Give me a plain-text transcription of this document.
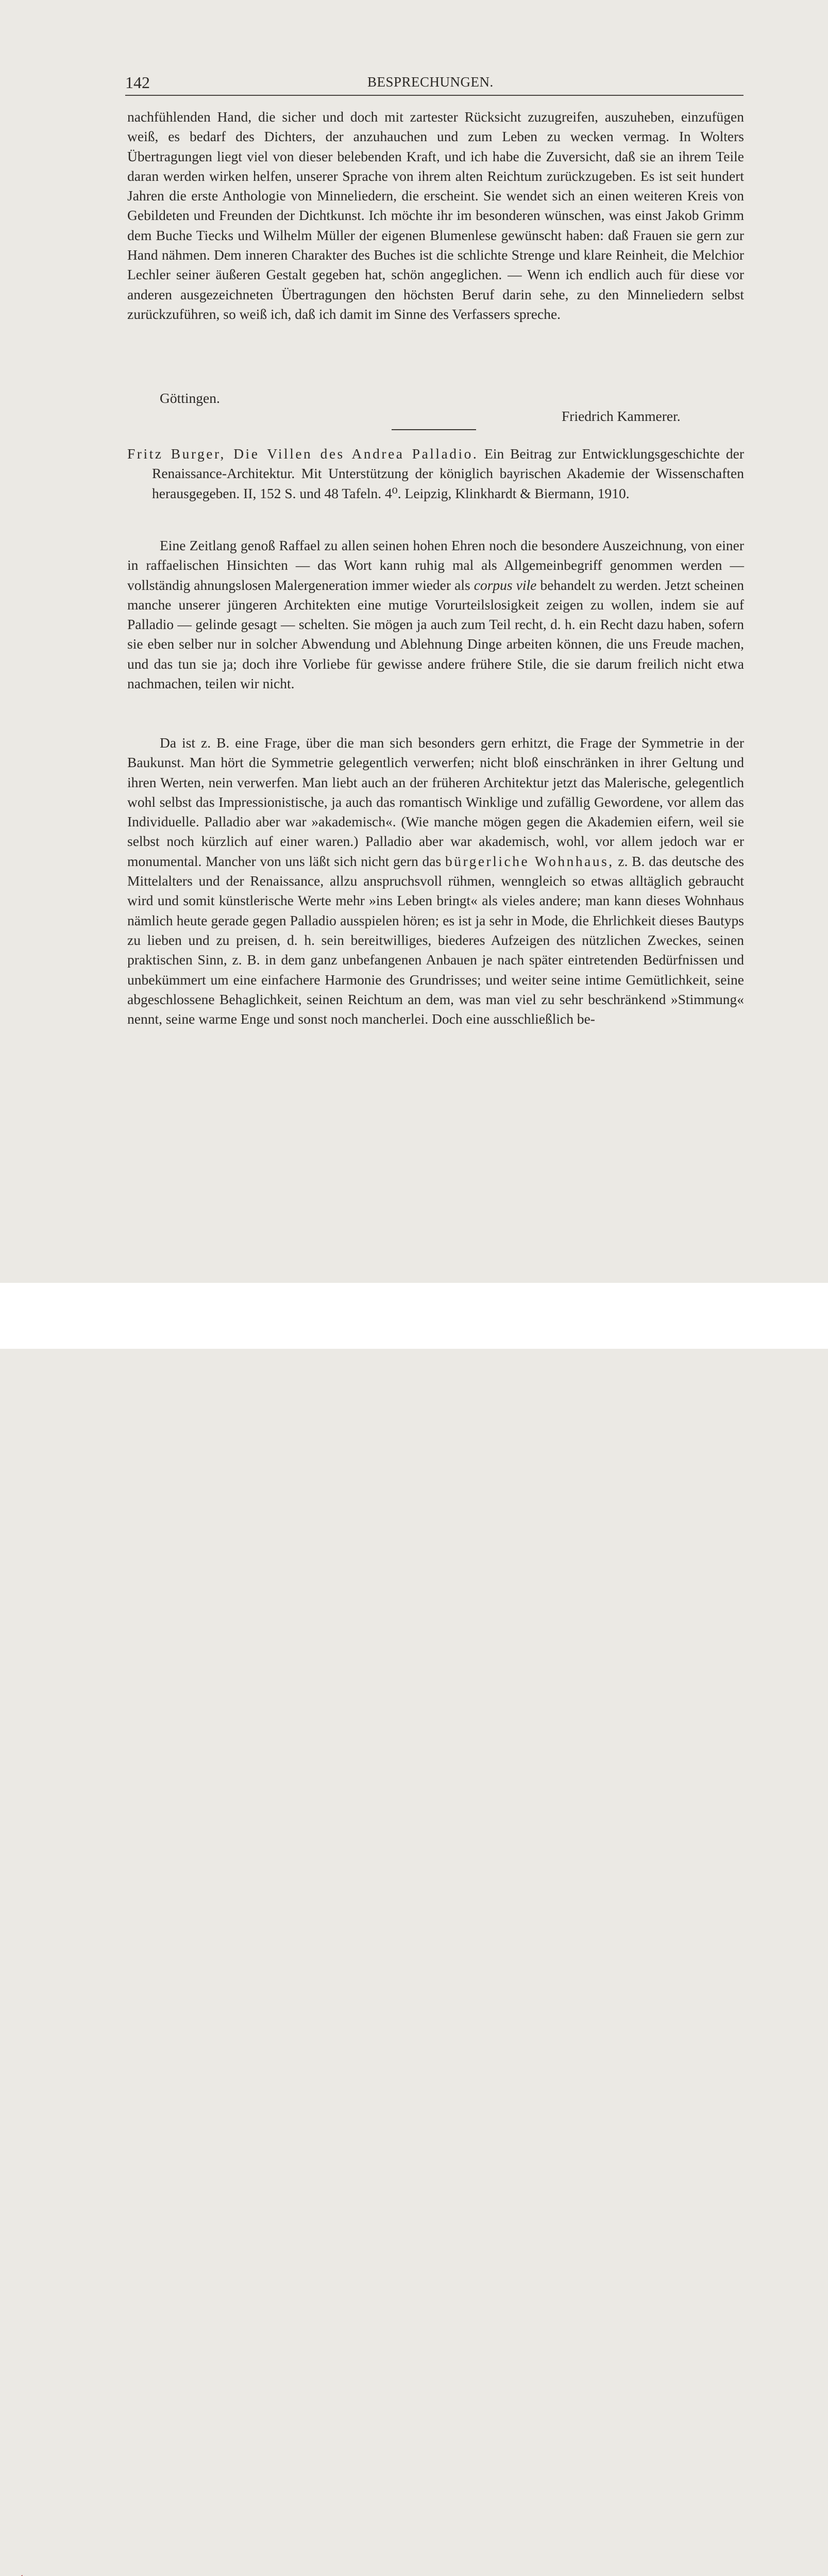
142	BESPRECHUNGEN.

nachfühlenden Hand, die sicher und doch mit zartester Rücksicht zuzugreifen, auszuheben, einzufügen weiß, es bedarf des Dichters, der anzuhauchen und zum Leben zu wecken vermag. In Wolters Übertragungen liegt viel von dieser belebenden Kraft, und ich habe die Zuversicht, daß sie an ihrem Teile daran werden wirken helfen, unserer Sprache von ihrem alten Reichtum zurückzugeben. Es ist seit hundert Jahren die erste Anthologie von Minneliedern, die erscheint. Sie wendet sich an einen weiteren Kreis von Gebildeten und Freunden der Dichtkunst. Ich möchte ihr im besonderen wünschen, was einst Jakob Grimm dem Buche Tiecks und Wilhelm Müller der eigenen Blumenlese gewünscht haben: daß Frauen sie gern zur Hand nähmen. Dem inneren Charakter des Buches ist die schlichte Strenge und klare Reinheit, die Melchior Lechler seiner äußeren Gestalt gegeben hat, schön angeglichen. — Wenn ich endlich auch für diese vor anderen ausgezeichneten Übertragungen den höchsten Beruf darin sehe, zu den Minneliedern selbst zurückzuführen, so weiß ich, daß ich damit im Sinne des Verfassers spreche.

Göttingen.
Friedrich Kammerer.

Fritz Burger, Die Villen des Andrea Palladio. Ein Beitrag zur Entwicklungsgeschichte der Renaissance-Architektur. Mit Unterstützung der königlich bayrischen Akademie der Wissenschaften herausgegeben. II, 152 S. und 48 Tafeln. 4⁰. Leipzig, Klinkhardt & Biermann, 1910.

Eine Zeitlang genoß Raffael zu allen seinen hohen Ehren noch die besondere Auszeichnung, von einer in raffaelischen Hinsichten — das Wort kann ruhig mal als Allgemeinbegriff genommen werden — vollständig ahnungslosen Malergeneration immer wieder als corpus vile behandelt zu werden. Jetzt scheinen manche unserer jüngeren Architekten eine mutige Vorurteilslosigkeit zeigen zu wollen, indem sie auf Palladio — gelinde gesagt — schelten. Sie mögen ja auch zum Teil recht, d. h. ein Recht dazu haben, sofern sie eben selber nur in solcher Abwendung und Ablehnung Dinge arbeiten können, die uns Freude machen, und das tun sie ja; doch ihre Vorliebe für gewisse andere frühere Stile, die sie darum freilich nicht etwa nachmachen, teilen wir nicht.

Da ist z. B. eine Frage, über die man sich besonders gern erhitzt, die Frage der Symmetrie in der Baukunst. Man hört die Symmetrie gelegentlich verwerfen; nicht bloß einschränken in ihrer Geltung und ihren Werten, nein verwerfen. Man liebt auch an der früheren Architektur jetzt das Malerische, gelegentlich wohl selbst das Impressionistische, ja auch das romantisch Winklige und zufällig Gewordene, vor allem das Individuelle. Palladio aber war »akademisch«. (Wie manche mögen gegen die Akademien eifern, weil sie selbst noch kürzlich auf einer waren.) Palladio aber war akademisch, wohl, vor allem jedoch war er monumental. Mancher von uns läßt sich nicht gern das bürgerliche Wohnhaus, z. B. das deutsche des Mittelalters und der Renaissance, allzu anspruchsvoll rühmen, wenngleich so etwas alltäglich gebraucht wird und somit künstlerische Werte mehr »ins Leben bringt« als vieles andere; man kann dieses Wohnhaus nämlich heute gerade gegen Palladio ausspielen hören; es ist ja sehr in Mode, die Ehrlichkeit dieses Bautyps zu lieben und zu preisen, d. h. sein bereitwilliges, biederes Aufzeigen des nützlichen Zweckes, seinen praktischen Sinn, z. B. in dem ganz unbefangenen Anbauen je nach später eintretenden Bedürfnissen und unbekümmert um eine einfachere Harmonie des Grundrisses; und weiter seine intime Gemütlichkeit, seine abgeschlossene Behaglichkeit, seinen Reichtum an dem, was man viel zu sehr beschränkend »Stimmung« nennt, seine warme Enge und sonst noch mancherlei. Doch eine ausschließlich be-
